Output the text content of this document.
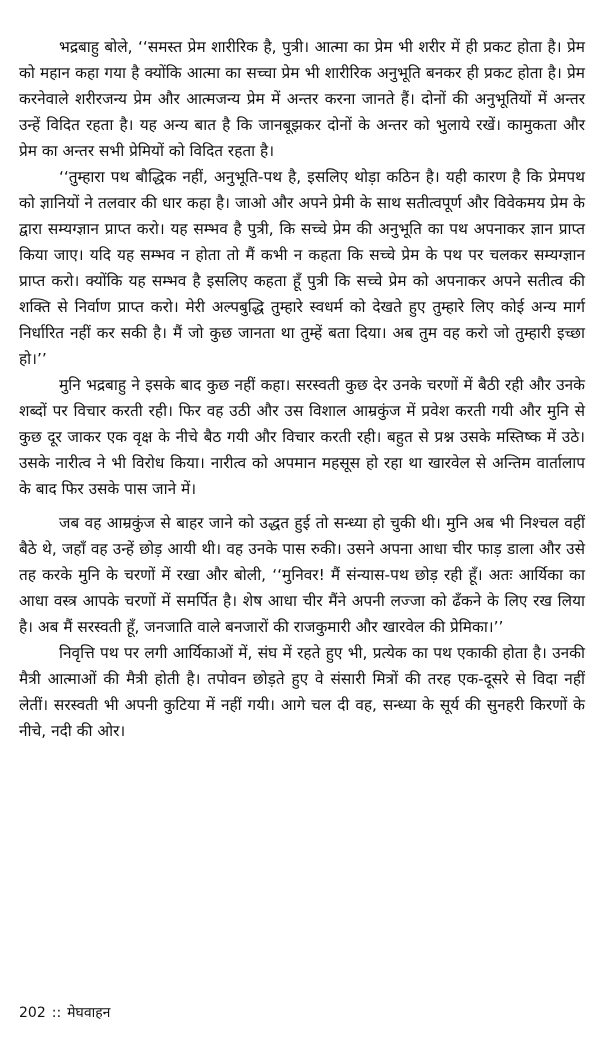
भद्रबाहु बोले, ‘‘समस्त प्रेम शारीरिक है, पुत्री। आत्मा का प्रेम भी शरीर में ही प्रकट होता है। प्रेम को महान कहा गया है क्योंकि आत्मा का सच्चा प्रेम भी शारीरिक अनुभूति बनकर ही प्रकट होता है। प्रेम करनेवाले शरीरजन्य प्रेम और आत्मजन्य प्रेम में अन्तर करना जानते हैं। दोनों की अनुभूतियों में अन्तर उन्हें विदित रहता है। यह अन्य बात है कि जानबूझकर दोनों के अन्तर को भुलाये रखें। कामुकता और प्रेम का अन्तर सभी प्रेमियों को विदित रहता है।

‘‘तुम्हारा पथ बौद्धिक नहीं, अनुभूति-पथ है, इसलिए थोड़ा कठिन है। यही कारण है कि प्रेमपथ को ज्ञानियों ने तलवार की धार कहा है। जाओ और अपने प्रेमी के साथ सतीत्वपूर्ण और विवेकमय प्रेम के द्वारा सम्यग्ज्ञान प्राप्त करो। यह सम्भव है पुत्री, कि सच्चे प्रेम की अनुभूति का पथ अपनाकर ज्ञान प्राप्त किया जाए। यदि यह सम्भव न होता तो मैं कभी न कहता कि सच्चे प्रेम के पथ पर चलकर सम्यग्ज्ञान प्राप्त करो। क्योंकि यह सम्भव है इसलिए कहता हूँ पुत्री कि सच्चे प्रेम को अपनाकर अपने सतीत्व की शक्ति से निर्वाण प्राप्त करो। मेरी अल्पबुद्धि तुम्हारे स्वधर्म को देखते हुए तुम्हारे लिए कोई अन्य मार्ग निर्धारित नहीं कर सकी है। मैं जो कुछ जानता था तुम्हें बता दिया। अब तुम वह करो जो तुम्हारी इच्छा हो।’’

मुनि भद्रबाहु ने इसके बाद कुछ नहीं कहा। सरस्वती कुछ देर उनके चरणों में बैठी रही और उनके शब्दों पर विचार करती रही। फिर वह उठी और उस विशाल आम्रकुंज में प्रवेश करती गयी और मुनि से कुछ दूर जाकर एक वृक्ष के नीचे बैठ गयी और विचार करती रही। बहुत से प्रश्न उसके मस्तिष्क में उठे। उसके नारीत्व ने भी विरोध किया। नारीत्व को अपमान महसूस हो रहा था खारवेल से अन्तिम वार्तालाप के बाद फिर उसके पास जाने में।

जब वह आम्रकुंज से बाहर जाने को उद्धत हुई तो सन्ध्या हो चुकी थी। मुनि अब भी निश्चल वहीं बैठे थे, जहाँ वह उन्हें छोड़ आयी थी। वह उनके पास रुकी। उसने अपना आधा चीर फाड़ डाला और उसे तह करके मुनि के चरणों में रखा और बोली, ‘‘मुनिवर! मैं संन्यास-पथ छोड़ रही हूँ। अतः आर्यिका का आधा वस्त्र आपके चरणों में समर्पित है। शेष आधा चीर मैंने अपनी लज्जा को ढँकने के लिए रख लिया है। अब मैं सरस्वती हूँ, जनजाति वाले बनजारों की राजकुमारी और खारवेल की प्रेमिका।’’

निवृत्ति पथ पर लगी आर्यिकाओं में, संघ में रहते हुए भी, प्रत्येक का पथ एकाकी होता है। उनकी मैत्री आत्माओं की मैत्री होती है। तपोवन छोड़ते हुए वे संसारी मित्रों की तरह एक-दूसरे से विदा नहीं लेतीं। सरस्वती भी अपनी कुटिया में नहीं गयी। आगे चल दी वह, सन्ध्या के सूर्य की सुनहरी किरणों के नीचे, नदी की ओर।

202 :: मेघवाहन
